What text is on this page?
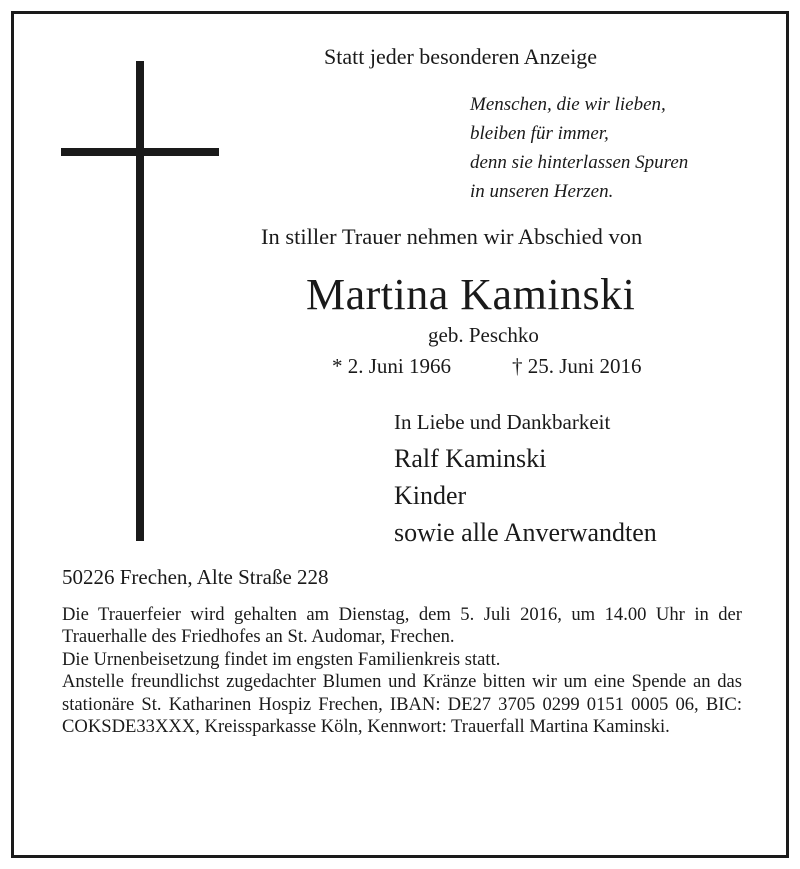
Statt jeder besonderen Anzeige
Menschen, die wir lieben,
bleiben für immer,
denn sie hinterlassen Spuren
in unseren Herzen.
In stiller Trauer nehmen wir Abschied von
Martina Kaminski
geb. Peschko
* 2. Juni 1966	† 25. Juni 2016
In Liebe und Dankbarkeit
Ralf Kaminski
Kinder
sowie alle Anverwandten
50226 Frechen, Alte Straße 228

Die Trauerfeier wird gehalten am Dienstag, dem 5. Juli 2016, um 14.00 Uhr in der Trauerhalle des Friedhofes an St. Audomar, Frechen.

Die Urnenbeisetzung findet im engsten Familienkreis statt.

Anstelle freundlichst zugedachter Blumen und Kränze bitten wir um eine Spende an das stationäre St. Katharinen Hospiz Frechen, IBAN: DE27 3705 0299 0151 0005 06, BIC: COKSDE33XXX, Kreissparkasse Köln, Kennwort: Trauerfall Martina Kaminski.
